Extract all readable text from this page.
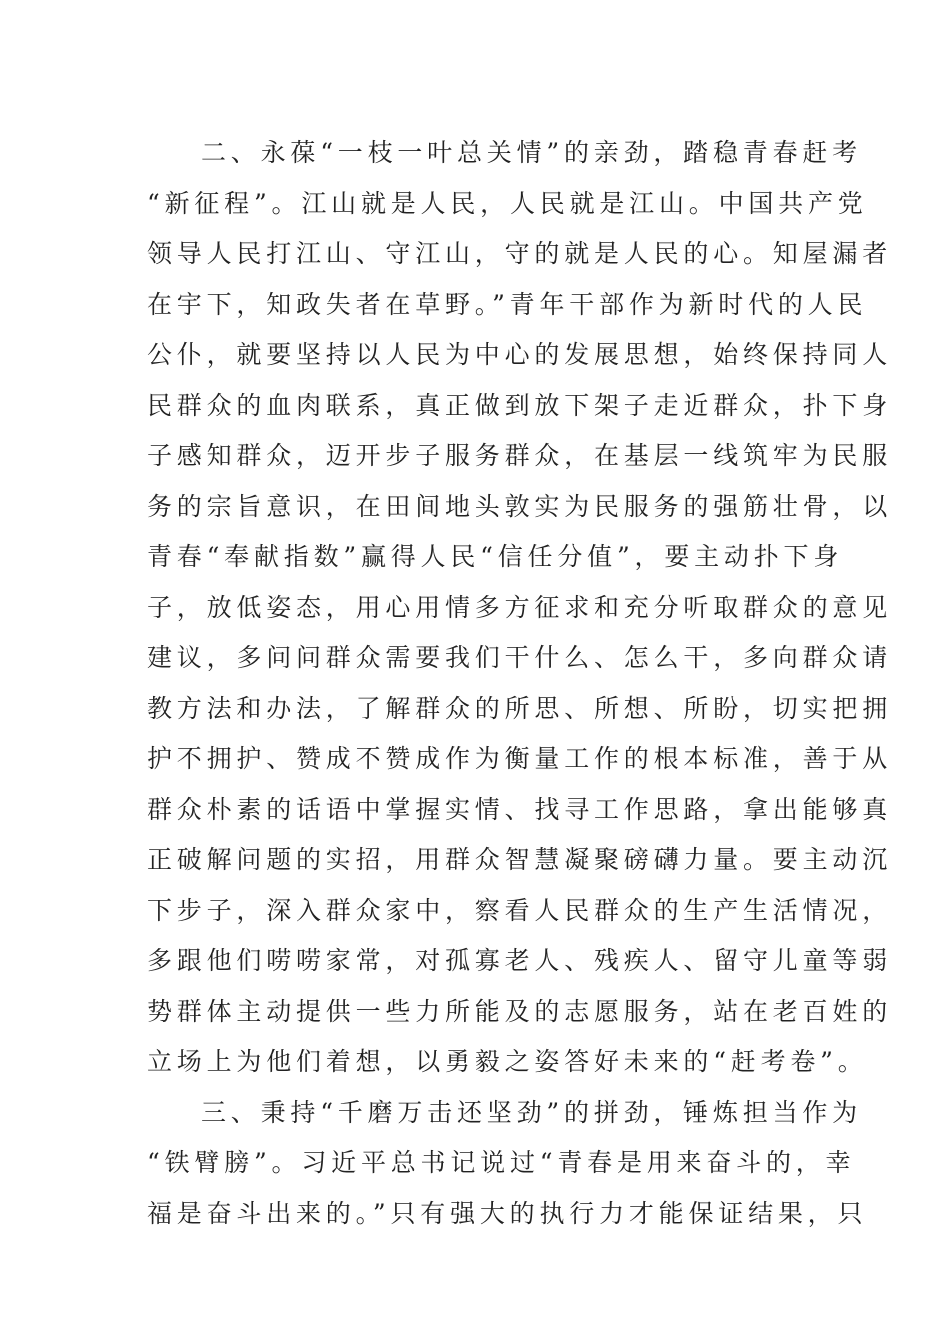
二、永葆“一枝一叶总关情”的亲劲，踏稳青春赶考
“新征程”。江山就是人民，人民就是江山。中国共产党
领导人民打江山、守江山，守的就是人民的心。知屋漏者
在宇下，知政失者在草野。”青年干部作为新时代的人民
公仆，就要坚持以人民为中心的发展思想，始终保持同人
民群众的血肉联系，真正做到放下架子走近群众，扑下身
子感知群众，迈开步子服务群众，在基层一线筑牢为民服
务的宗旨意识，在田间地头敦实为民服务的强筋壮骨，以
青春“奉献指数”赢得人民“信任分值”，要主动扑下身
子，放低姿态，用心用情多方征求和充分听取群众的意见
建议，多问问群众需要我们干什么、怎么干，多向群众请
教方法和办法，了解群众的所思、所想、所盼，切实把拥
护不拥护、赞成不赞成作为衡量工作的根本标准，善于从
群众朴素的话语中掌握实情、找寻工作思路，拿出能够真
正破解问题的实招，用群众智慧凝聚磅礴力量。要主动沉
下步子，深入群众家中，察看人民群众的生产生活情况，
多跟他们唠唠家常，对孤寡老人、残疾人、留守儿童等弱
势群体主动提供一些力所能及的志愿服务，站在老百姓的
立场上为他们着想，以勇毅之姿答好未来的“赶考卷”。
三、秉持“千磨万击还坚劲”的拼劲，锤炼担当作为
“铁臂膀”。习近平总书记说过“青春是用来奋斗的，幸
福是奋斗出来的。”只有强大的执行力才能保证结果，只
